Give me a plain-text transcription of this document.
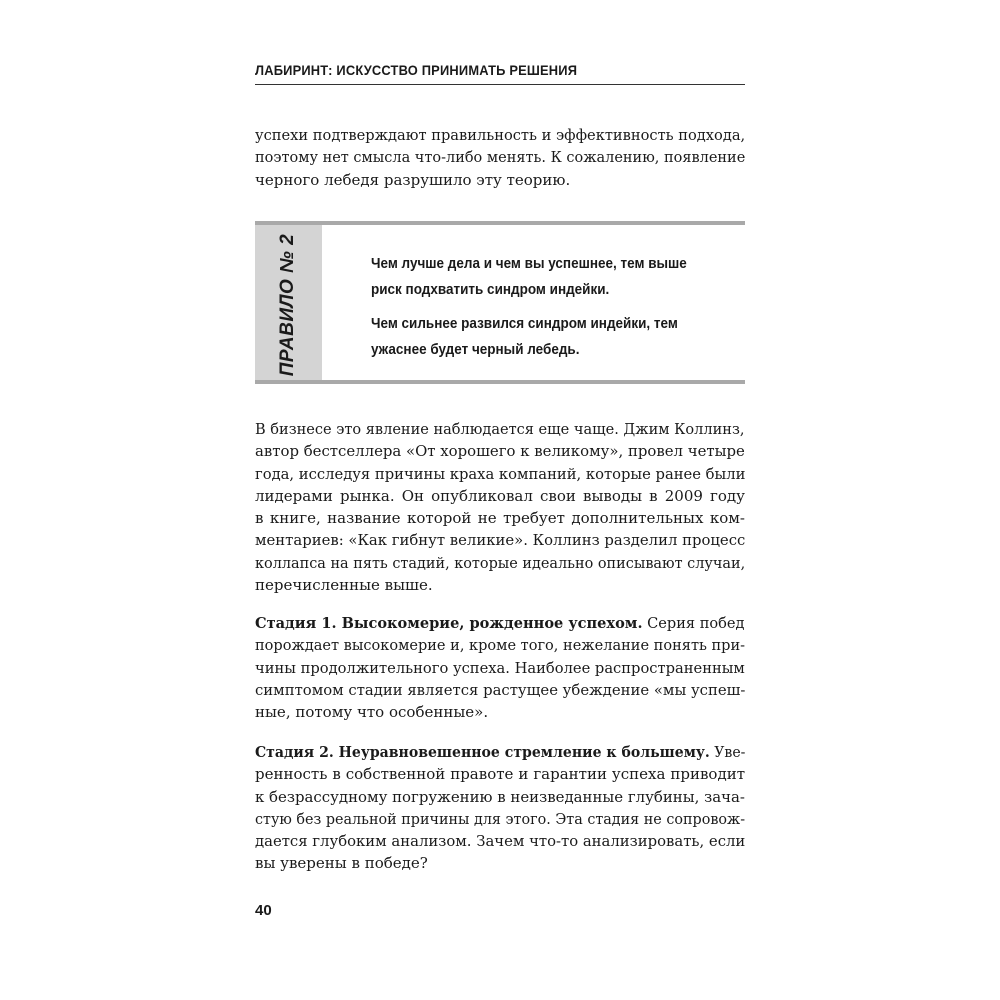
ЛАБИРИНТ: ИСКУССТВО ПРИНИМАТЬ РЕШЕНИЯ

успехи подтверждают правильность и эффективность подхода,
поэтому нет смысла что-либо менять. К сожалению, появление
черного лебедя разрушило эту теорию.

ПРАВИЛО № 2	Чем лучше дела и чем вы успешнее, тем выше
риск подхватить синдром индейки.
Чем сильнее развился синдром индейки, тем
ужаснее будет черный лебедь.

В бизнесе это явление наблюдается еще чаще. Джим Коллинз,
автор бестселлера «От хорошего к великому», провел четыре
года, исследуя причины краха компаний, которые ранее были
лидерами рынка. Он опубликовал свои выводы в 2009 году
в книге, название которой не требует дополнительных ком-
ментариев: «Как гибнут великие». Коллинз разделил процесс
коллапса на пять стадий, которые идеально описывают случаи,
перечисленные выше.

Стадия 1. Высокомерие, рожденное успехом. Серия побед
порождает высокомерие и, кроме того, нежелание понять при-
чины продолжительного успеха. Наиболее распространенным
симптомом стадии является растущее убеждение «мы успеш-
ные, потому что особенные».

Стадия 2. Неуравновешенное стремление к большему. Уве-
ренность в собственной правоте и гарантии успеха приводит
к безрассудному погружению в неизведанные глубины, зача-
стую без реальной причины для этого. Эта стадия не сопровож-
дается глубоким анализом. Зачем что-то анализировать, если
вы уверены в победе?

40
